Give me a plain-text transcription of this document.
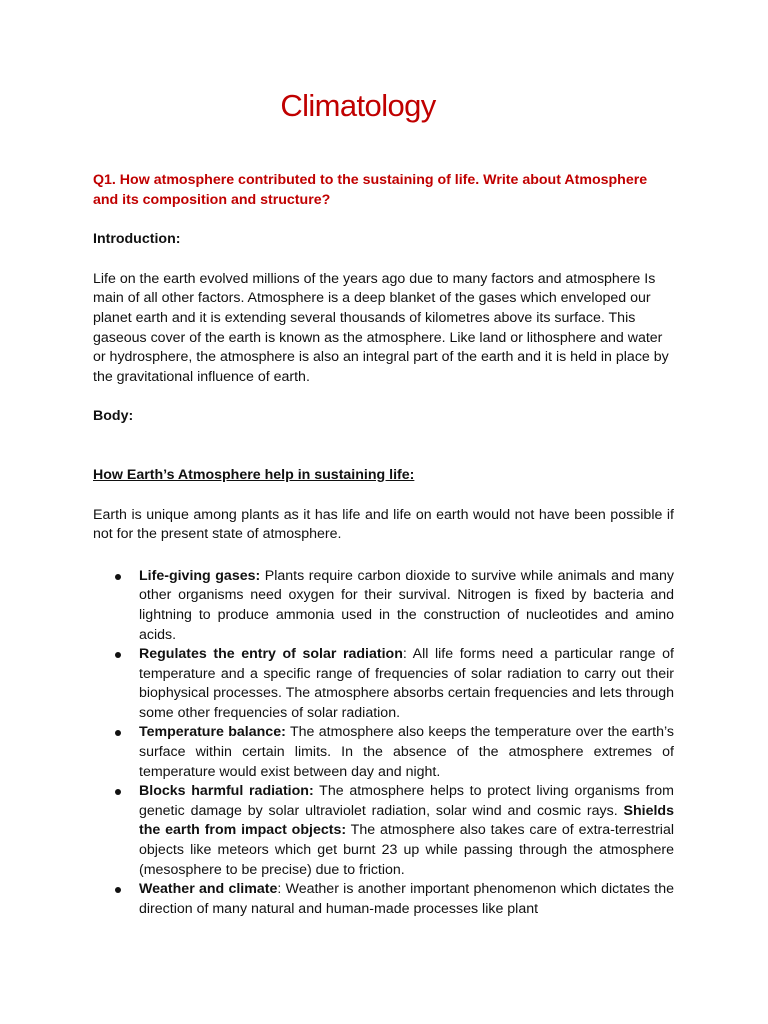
Climatology

Q1. How atmosphere contributed to the sustaining of life. Write about Atmosphere and its composition and structure?

Introduction:

Life on the earth evolved millions of the years ago due to many factors and atmosphere Is main of all other factors. Atmosphere is a deep blanket of the gases which enveloped our planet earth and it is extending several thousands of kilometres above its surface. This gaseous cover of the earth is known as the atmosphere. Like land or lithosphere and water or hydrosphere, the atmosphere is also an integral part of the earth and it is held in place by the gravitational influence of earth.

Body:

How Earth’s Atmosphere help in sustaining life:

Earth is unique among plants as it has life and life on earth would not have been possible if not for the present state of atmosphere.

Life-giving gases: Plants require carbon dioxide to survive while animals and many other organisms need oxygen for their survival. Nitrogen is fixed by bacteria and lightning to produce ammonia used in the construction of nucleotides and amino acids.
Regulates the entry of solar radiation: All life forms need a particular range of temperature and a specific range of frequencies of solar radiation to carry out their biophysical processes. The atmosphere absorbs certain frequencies and lets through some other frequencies of solar radiation.
Temperature balance: The atmosphere also keeps the temperature over the earth’s surface within certain limits. In the absence of the atmosphere extremes of temperature would exist between day and night.
Blocks harmful radiation: The atmosphere helps to protect living organisms from genetic damage by solar ultraviolet radiation, solar wind and cosmic rays. Shields the earth from impact objects: The atmosphere also takes care of extra-terrestrial objects like meteors which get burnt 23 up while passing through the atmosphere (mesosphere to be precise) due to friction.
Weather and climate: Weather is another important phenomenon which dictates the direction of many natural and human-made processes like plant
